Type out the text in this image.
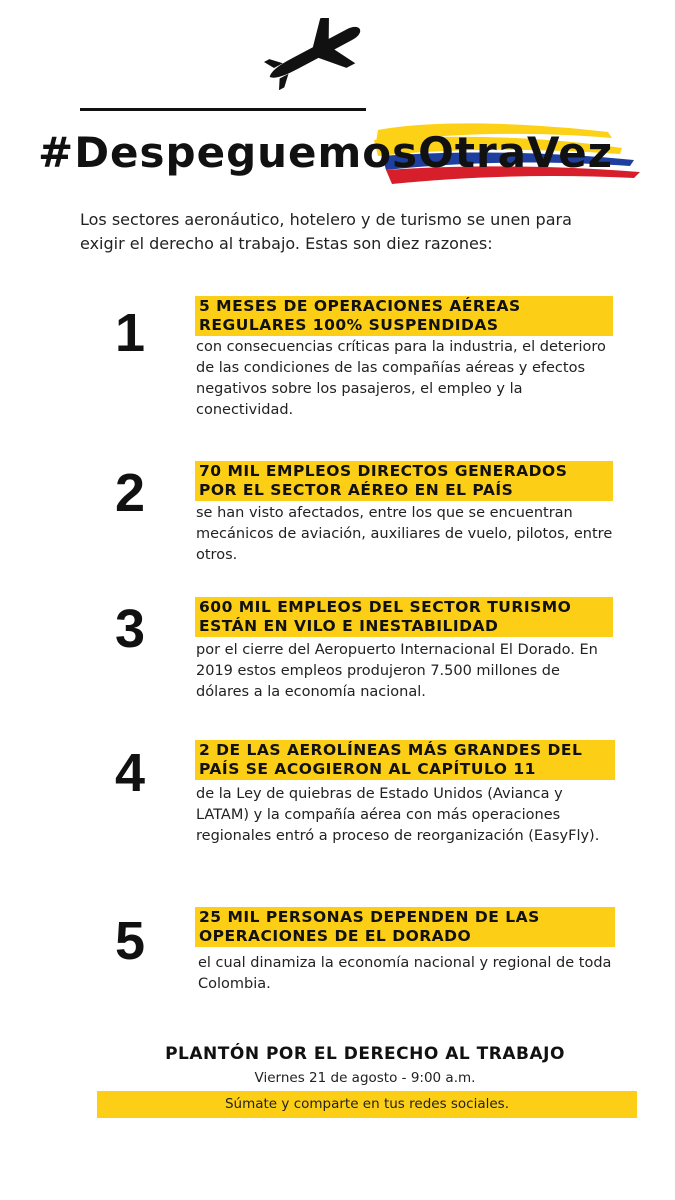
#DespeguemosOtraVez

Los sectores aeronáutico, hotelero y de turismo se unen para exigir el derecho al trabajo. Estas son diez razones:

1	5 MESES DE OPERACIONES AÉREAS REGULARES 100% SUSPENDIDAS

con consecuencias críticas para la industria, el deterioro de las condiciones de las compañías aéreas y efectos negativos sobre los pasajeros, el empleo y la conectividad.

2	70 MIL EMPLEOS DIRECTOS GENERADOS POR EL SECTOR AÉREO EN EL PAÍS

se han visto afectados, entre los que se encuentran mecánicos de aviación, auxiliares de vuelo, pilotos, entre otros.

3	600 MIL EMPLEOS DEL SECTOR TURISMO ESTÁN EN VILO E INESTABILIDAD

por el cierre del Aeropuerto Internacional El Dorado. En 2019 estos empleos produjeron 7.500 millones de dólares a la economía nacional.

4	2 DE LAS AEROLÍNEAS MÁS GRANDES DEL PAÍS SE ACOGIERON AL CAPÍTULO 11

de la Ley de quiebras de Estado Unidos (Avianca y LATAM) y la compañía aérea con más operaciones regionales entró a proceso de reorganización (EasyFly).

5	25 MIL PERSONAS DEPENDEN DE LAS OPERACIONES DE EL DORADO

el cual dinamiza la economía nacional y regional de toda Colombia.

PLANTÓN POR EL DERECHO AL TRABAJO
Viernes 21 de agosto - 9:00 a.m.
Súmate y comparte en tus redes sociales.
